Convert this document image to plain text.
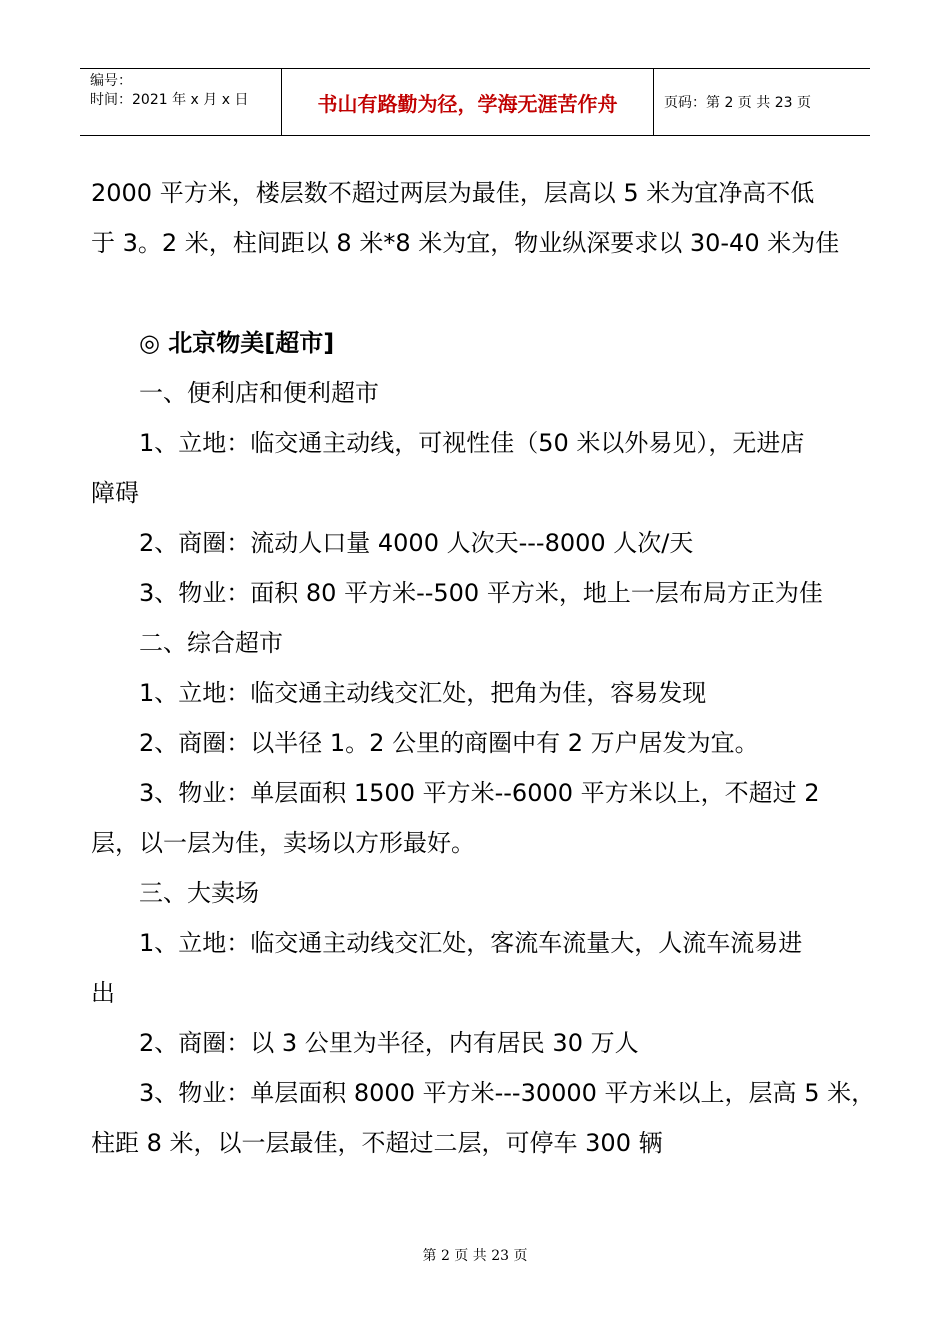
编号：
时间：2021 年 x 月 x 日	书山有路勤为径，学海无涯苦作舟	页码：第 2 页 共 23 页
2000 平方米，楼层数不超过两层为最佳，层高以 5 米为宜净高不低
于 3。2 米，柱间距以 8 米*8 米为宜，物业纵深要求以 30-40 米为佳
◎ 北京物美[超市]
一、便利店和便利超市
1、立地：临交通主动线，可视性佳（50 米以外易见），无进店
障碍
2、商圈：流动人口量 4000 人次天---8000 人次/天
3、物业：面积 80 平方米--500 平方米，地上一层布局方正为佳
二、综合超市
1、立地：临交通主动线交汇处，把角为佳，容易发现
2、商圈：以半径 1。2 公里的商圈中有 2 万户居发为宜。
3、物业：单层面积 1500 平方米--6000 平方米以上，不超过 2
层，以一层为佳，卖场以方形最好。
三、大卖场
1、立地：临交通主动线交汇处，客流车流量大，人流车流易进
出
2、商圈：以 3 公里为半径，内有居民 30 万人
3、物业：单层面积 8000 平方米---30000 平方米以上，层高 5 米，
柱距 8 米，以一层最佳，不超过二层，可停车 300 辆
第 2 页 共 23 页
